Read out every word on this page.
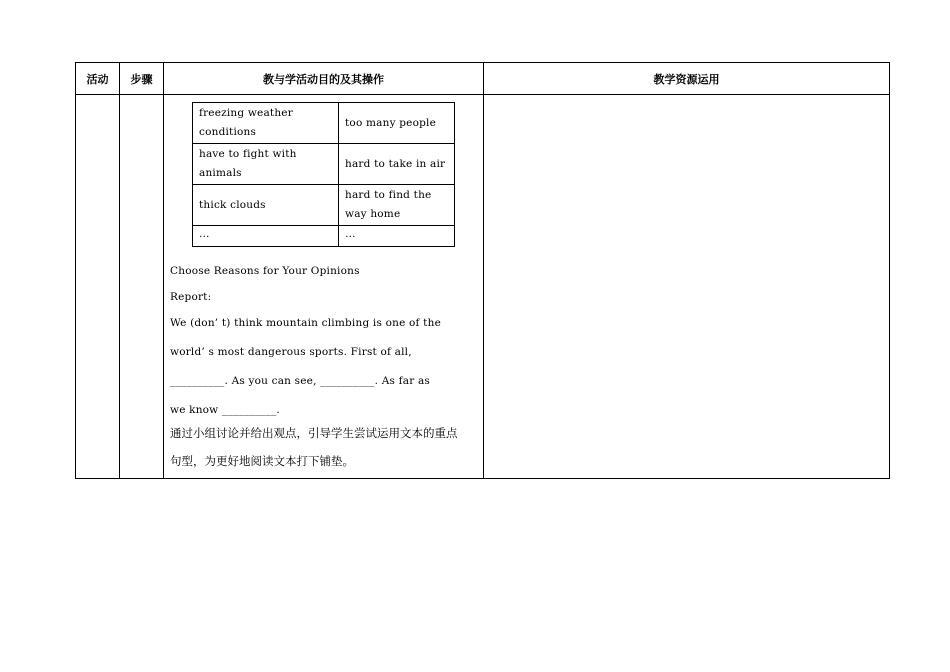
活动	步骤	教与学活动目的及其操作	教学资源运用

freezing weather conditions	too many people
have to fight with animals	hard to take in air
thick clouds	hard to find the way home
…	…
Choose Reasons for Your Opinions
Report:
We (don’ t) think mountain climbing is one of the
world’ s most dangerous sports. First of all,
__________. As you can see, __________. As far as
we know __________.
通过小组讨论并给出观点，引导学生尝试运用文本的重点
句型，为更好地阅读文本打下铺垫。
